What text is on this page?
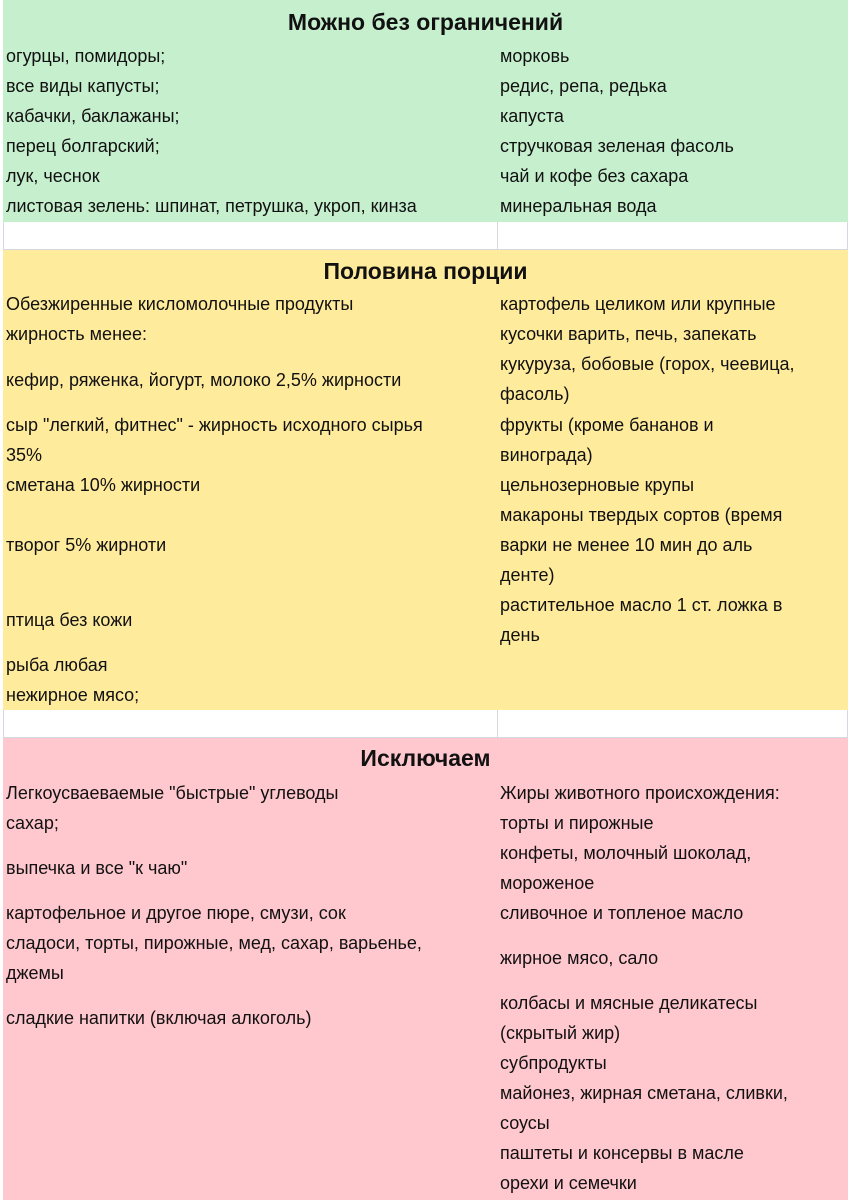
Можно без ограничений
огурцы, помидоры;
все виды капусты;
кабачки, баклажаны;
перец болгарский;
лук, чеснок
листовая зелень: шпинат, петрушка, укроп, кинза
морковь
редис, репа, редька
капуста
стручковая зеленая фасоль
чай и кофе без сахара
минеральная вода
Половина порции
Обезжиренные кисломолочные продукты
жирность менее:
кефир, ряженка, йогурт, молоко 2,5% жирности
сыр "легкий, фитнес" - жирность исходного сырья
35%
сметана 10% жирности
творог 5% жирноти
птица без кожи
рыба любая
нежирное мясо;
картофель целиком или крупные
кусочки варить, печь, запекать
кукуруза, бобовые (горох, чеевица,
фасоль)
фрукты (кроме бананов и
винограда)
цельнозерновые крупы
макароны твердых сортов (время
варки не менее 10 мин до аль
денте)
растительное масло 1 ст. ложка в
день
Исключаем
Легкоусваеваемые "быстрые" углеводы
сахар;
выпечка и все "к чаю"
картофельное и другое пюре, смузи, сок
сладоси, торты, пирожные, мед, сахар, варьенье,
джемы
сладкие напитки (включая алкоголь)
Жиры животного происхождения:
торты и пирожные
конфеты, молочный шоколад,
мороженое
сливочное и топленое масло
жирное мясо, сало
колбасы и мясные деликатесы
(скрытый жир)
субпродукты
майонез, жирная сметана, сливки,
соусы
паштеты и консервы в масле
орехи и семечки
